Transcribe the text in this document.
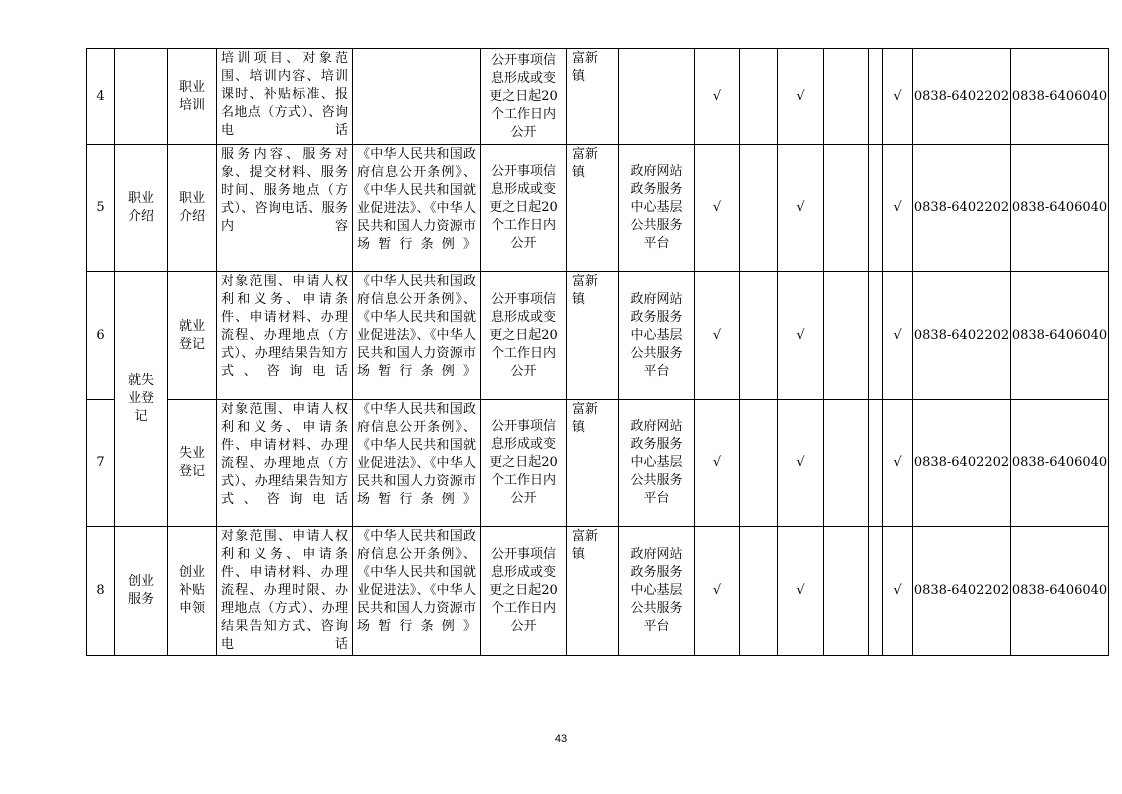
4		职业培训	培训项目、对象范围、培训内容、培训课时、补贴标准、报名地点（方式）、咨询电话		公开事项信息形成或变更之日起20个工作日内公开	富新镇		√		√			√	0838-6402202	0838-6406040
5	职业介绍	职业介绍	服务内容、服务对象、提交材料、服务时间、服务地点（方式）、咨询电话、服务内容	《中华人民共和国政府信息公开条例》、《中华人民共和国就业促进法》、《中华人民共和国人力资源市场暂行条例》	公开事项信息形成或变更之日起20个工作日内公开	富新镇	政府网站政务服务中心基层公共服务平台	√		√			√	0838-6402202	0838-6406040
6	就失业登记	就业登记	对象范围、申请人权利和义务、申请条件、申请材料、办理流程、办理地点（方式）、办理结果告知方式、咨询电话	《中华人民共和国政府信息公开条例》、《中华人民共和国就业促进法》、《中华人民共和国人力资源市场暂行条例》	公开事项信息形成或变更之日起20个工作日内公开	富新镇	政府网站政务服务中心基层公共服务平台	√		√			√	0838-6402202	0838-6406040
7		失业登记	对象范围、申请人权利和义务、申请条件、申请材料、办理流程、办理地点（方式）、办理结果告知方式、咨询电话	《中华人民共和国政府信息公开条例》、《中华人民共和国就业促进法》、《中华人民共和国人力资源市场暂行条例》	公开事项信息形成或变更之日起20个工作日内公开	富新镇	政府网站政务服务中心基层公共服务平台	√		√			√	0838-6402202	0838-6406040
8	创业服务	创业补贴申领	对象范围、申请人权利和义务、申请条件、申请材料、办理流程、办理时限、办理地点（方式）、办理结果告知方式、咨询电话	《中华人民共和国政府信息公开条例》、《中华人民共和国就业促进法》、《中华人民共和国人力资源市场暂行条例》	公开事项信息形成或变更之日起20个工作日内公开	富新镇	政府网站政务服务中心基层公共服务平台	√		√			√	0838-6402202	0838-6406040
43
